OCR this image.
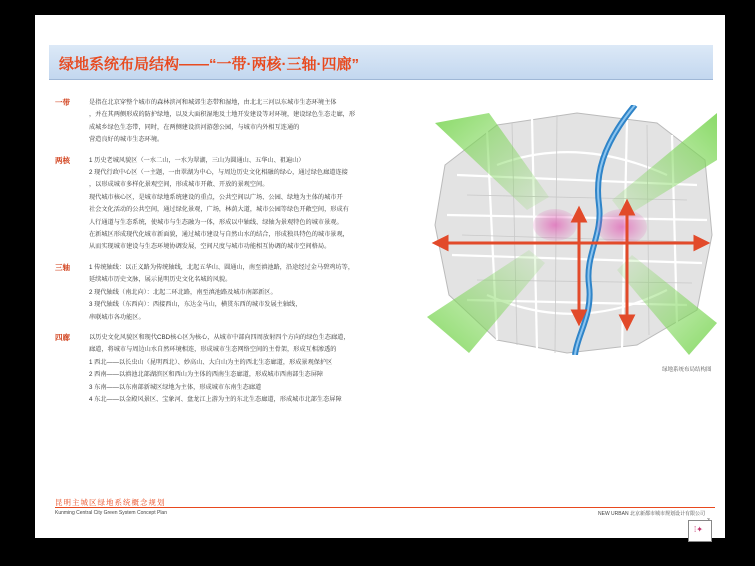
绿地系统布局结构——“一带·两核·三轴·四廊”
一带	是指在北京穿整个城市的森林滨河和城郊生态带和湿地，由北北三河以东城市生态环境主体
，并在其两侧形成的防护绿地，以及大面积湿地及土地开发建设等对环境，建设绿色生态走廊，形
成城乡绿色生态带，同时，在两侧建设滨河游憩公园，与城市内外相互连通的
营造良好的城市生态环境。
两核	1 历史老城风貌区（一水二山，一水为翠湖，三山为圆通山、五华山、祖遍山）
2 现代行政中心区（一主题，一由翠湖为中心，与周边历史文化相融的绿心，通过绿色廊道连接
，以形成城市多样化景观空间，形成城市开敞、开放的景观空间。
现代城市核心区，是城市绿地系统建设的重点，公共空间以广场、公园、绿地为主体的城市开
社会文化活动的公共空间，通过绿化景观，广场，林荫大道，城市公园等绿色开敞空间，形成有
人行通道与生态系统，使城市与生态融为一体，形成以中轴线、绿轴为景观特色的城市景观。
在新城区形成现代化城市新面貌，通过城市建设与自然山水的结合，形成独具特色的城市景观，
从而实现城市建设与生态环境协调发展，空间尺度与城市功能相互协调的城市空间格局。
三轴	1 传统轴线：以正义路为传统轴线，北起五华山、圆通山，南至滇池路，沿途经过金马碧鸡坊等，
延续城市历史文脉，展示昆明历史文化名城的风貌。
2 现代轴线（南北向）：北起二环北路，南至滇池路及城市南部新区。
3 现代轴线（东西向）：西接西山，东达金马山，横贯东西的城市发展主轴线，
串联城市各功能区。
四廊	以历史文化风貌区和现代CBD核心区为核心，从城市中部向四周放射四个方向的绿色生态廊道，
廊道，将城市与周边山水自然环境相连，形成城市生态网络空间的主骨架，形成互相渗透的
1 西北——以长虫山（昆明西北）、妙高山、大白山为主的西北生态廊道，形成景观保护区
2 西南——以滇池北部湖滨区和西山为主体的西南生态廊道，形成城市西南部生态屏障
3 东南——以东南部新城区绿地为主体，形成城市东南生态廊道
4 东北——以金殿风景区、宝象河、盘龙江上游为主的东北生态廊道，形成城市北部生态屏障
绿地系统布局结构图
昆明主城区绿地系统概念规划
Kunming Central City Green System Concept Plan	NEW URBAN 北京新都市城市规划设计有限公司
⁞✦
